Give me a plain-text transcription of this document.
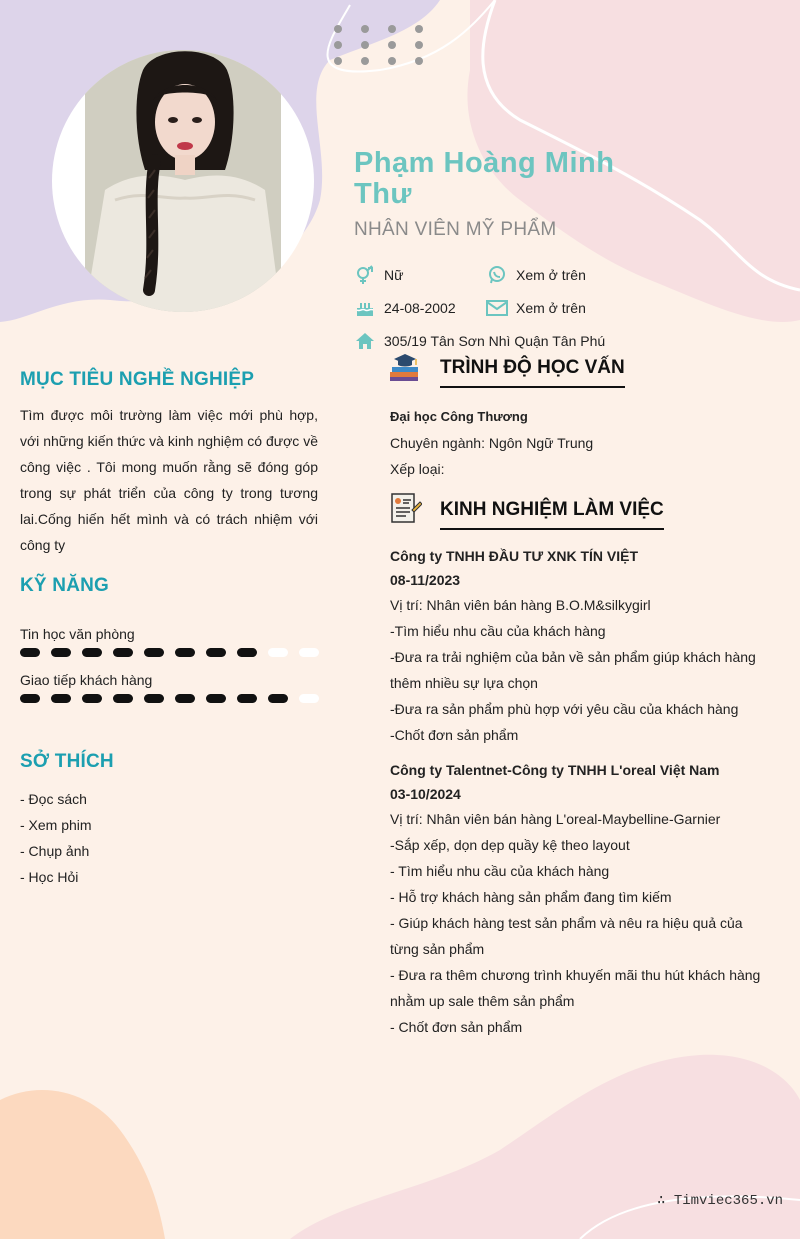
Phạm Hoàng Minh Thư
NHÂN VIÊN MỸ PHẨM
Nữ	Xem ở trên
24-08-2002	Xem ở trên
305/19 Tân Sơn Nhì Quận Tân Phú
MỤC TIÊU NGHỀ NGHIỆP
Tìm được môi trường làm việc mới phù hợp, với những kiến thức và kinh nghiệm có được về công việc . Tôi mong muốn rằng sẽ đóng góp trong sự phát triển của công ty trong tương lai.Cống hiến hết mình và có trách nhiệm với công ty
KỸ NĂNG
Tin học văn phòng
Giao tiếp khách hàng
SỞ THÍCH
- Đọc sách
- Xem phim
- Chụp ảnh
- Học Hỏi
TRÌNH ĐỘ HỌC VẤN
Đại học Công Thương
Chuyên ngành: Ngôn Ngữ Trung
Xếp loại:
KINH NGHIỆM LÀM VIỆC
Công ty TNHH ĐẦU TƯ XNK TÍN VIỆT
08-11/2023
Vị trí: Nhân viên bán hàng B.O.M&silkygirl
-Tìm hiểu nhu cầu của khách hàng
-Đưa ra trải nghiệm của bản về sản phẩm giúp khách hàng thêm nhiều sự lựa chọn
-Đưa ra sản phẩm phù hợp với yêu cầu của khách hàng
-Chốt đơn sản phẩm
Công ty Talentnet-Công ty TNHH L'oreal Việt Nam
03-10/2024
Vị trí: Nhân viên bán hàng L'oreal-Maybelline-Garnier
-Sắp xếp, dọn dẹp quầy kệ theo layout
- Tìm hiểu nhu cầu của khách hàng
- Hỗ trợ khách hàng sản phẩm đang tìm kiếm
- Giúp khách hàng test sản phẩm và nêu ra hiệu quả của từng sản phẩm
- Đưa ra thêm chương trình khuyến mãi thu hút khách hàng nhằm up sale thêm sản phẩm
- Chốt đơn sản phẩm
∴ Timviec365.vn
